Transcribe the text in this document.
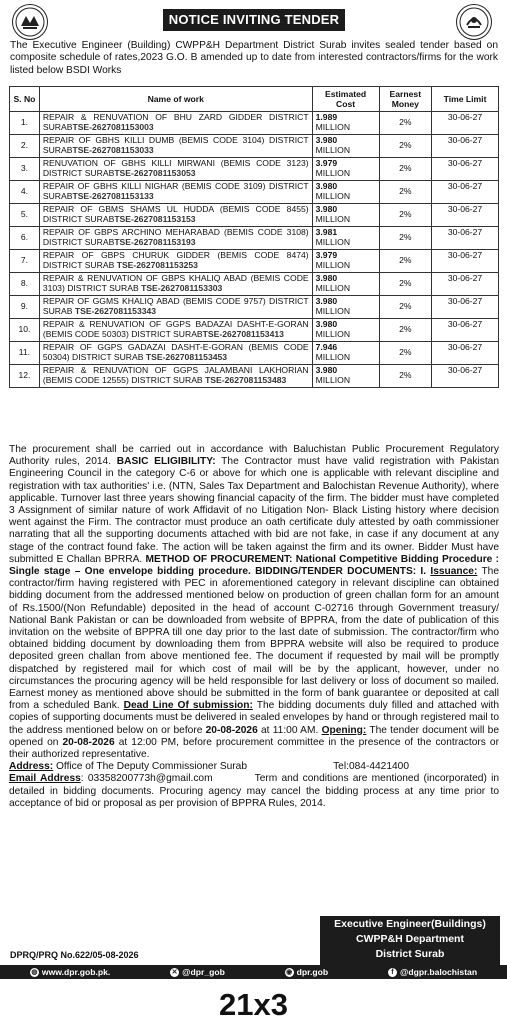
NOTICE INVITING TENDER
The Executive Engineer (Building) CWPP&H Department District Surab invites sealed tender based on composite schedule of rates,2023 G.O. B amended up to date from interested contractors/firms for the work listed below BSDI Works
S. No	Name of work	Estimated Cost	Earnest Money	Time Limit
1.	REPAIR & RENUVATION OF BHU ZARD GIDDER DISTRICT SURABTSE-2627081153003	1.989
MILLION	2%	30-06-27
2.	REPAIR OF GBHS KILLI DUMB (BEMIS CODE 3104) DISTRICT SURABTSE-2627081153033	3.980
MILLION	2%	30-06-27
3.	RENUVATION OF GBHS KILLI MIRWANI (BEMIS CODE 3123) DISTRICT SURABTSE-2627081153053	3.979
MILLION	2%	30-06-27
4.	REPAIR OF GBHS KILLI NIGHAR (BEMIS CODE 3109) DISTRICT SURABTSE-2627081153133	3.980
MILLION	2%	30-06-27
5.	REPAIR OF GBMS SHAMS UL HUDDA (BEMIS CODE 8455) DISTRICT SURABTSE-2627081153153	3.980
MILLION	2%	30-06-27
6.	REPAIR OF GBPS ARCHINO MEHARABAD (BEMIS CODE 3108) DISTRICT SURABTSE-2627081153193	3.981
MILLION	2%	30-06-27
7.	REPAIR OF GBPS CHURUK GIDDER (BEMIS CODE 8474) DISTRICT SURAB TSE-2627081153253	3.979
MILLION	2%	30-06-27
8.	REPAIR & RENUVATION OF GBPS KHALIQ ABAD (BEMIS CODE 3103) DISTRICT SURAB TSE-2627081153303	3.980
MILLION	2%	30-06-27
9.	REPAIR OF GGMS KHALIQ ABAD (BEMIS CODE 9757) DISTRICT SURAB TSE-2627081153343	3.980
MILLION	2%	30-06-27
10.	REPAIR & RENUVATION OF GGPS BADAZAI DASHT-E-GORAN (BEMIS CODE 50303) DISTRICT SURABTSE-2627081153413	3.980
MILLION	2%	30-06-27
11.	REPAIR OF GGPS GADAZAI DASHT-E-GORAN (BEMIS CODE 50304) DISTRICT SURAB TSE-2627081153453	7.946
MILLION	2%	30-06-27
12.	REPAIR & RENUVATION OF GGPS JALAMBANI LAKHORIAN (BEMIS CODE 12555) DISTRICT SURAB TSE-2627081153483	3.980
MILLION	2%	30-06-27
The procurement shall be carried out in accordance with Baluchistan Public Procurement Regulatory Authority rules, 2014. BASIC ELIGIBILITY: The Contractor must have valid registration with Pakistan Engineering Council in the category C-6 or above for which one is applicable with relevant discipline and registration with tax authorities' i.e. (NTN, Sales Tax Department and Balochistan Revenue Authority), where applicable. Turnover last three years showing financial capacity of the firm. The bidder must have completed 3 Assignment of similar nature of work Affidavit of no Litigation Non- Black Listing history where decision went against the Firm. The contractor must produce an oath certificate duly attested by oath commissioner narrating that all the supporting documents attached with bid are not fake, in case if any document at any stage of the contract found fake. The action will be taken against the firm and its owner. Bidder Must have submitted E Challan BPRRA. METHOD OF PROCUREMENT: National Competitive Bidding Procedure : Single stage – One envelope bidding procedure. BIDDING/TENDER DOCUMENTS: I. Issuance: The contractor/firm having registered with PEC in aforementioned category in relevant discipline can obtained bidding document from the addressed mentioned below on production of green challan form for an amount of Rs.1500/(Non Refundable) deposited in the head of account C-02716 through Government treasury/ National Bank Pakistan or can be downloaded from website of BPPRA, from the date of publication of this invitation on the website of BPPRA till one day prior to the last date of submission. The contractor/firm who obtained bidding document by downloading them from BPPRA website will also be required to produce deposited green challan from above mentioned fee. The document if requested by mail will be promptly dispatched by registered mail for which cost of mail will be by the applicant, however, under no circumstances the procuring agency will be held responsible for last delivery or loss of document so mailed. Earnest money as mentioned above should be submitted in the form of bank guarantee or deposited at call from a scheduled Bank. Dead Line Of submission: The bidding documents duly filled and attached with copies of supporting documents must be delivered in sealed envelopes by hand or through registered mail to the address mentioned below on or before 20-08-2026 at 11:00 AM. Opening: The tender document will be opened on 20-08-2026 at 12:00 PM, before procurement committee in the presence of the contractors or their authorized representative.
Address: Office of The Deputy Commissioner Surab	Tel:084-4421400
Email Address: 03358200773h@gmail.com	Term and conditions are mentioned (incorporated) in detailed in bidding documents. Procuring agency may cancel the bidding process at any time prior to acceptance of bid or proposal as per provision of BPPRA Rules, 2014.
Executive Engineer(Buildings)
CWPP&H Department
District Surab
DPRQ/PRQ No.622/05-08-2026
◍ www.dpr.gob.pk.	✕ @dpr_gob	◉ dpr.gob	f @dgpr.balochistan
21x3
